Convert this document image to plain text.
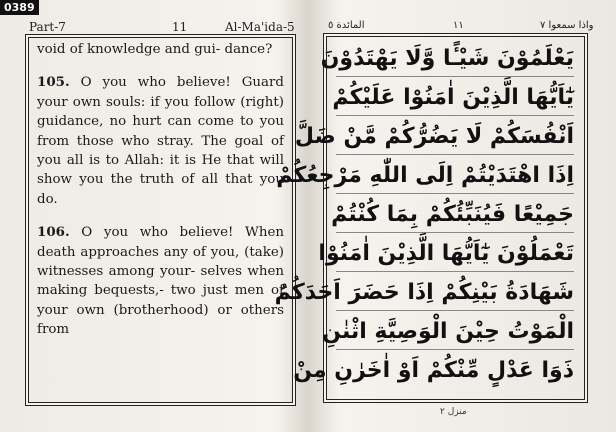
0389
Part-7	11	Al-Ma'ida-5

void of knowledge and gui- dance?

105. O you who believe! Guard your own souls: if you follow (right) guidance, no hurt can come to you from those who stray. The goal of you all is to Allah: it is He that will show you the truth of all that you do.

106. O you who believe! When death approaches any of you, (take) witnesses among your- selves when making bequests,- two just men of your own (brotherhood) or others from

واذا سمعوا ٧
١١
المائدة ٥
يَعْلَمُوْنَ شَيْـًٔا وَّلَا يَهْتَدُوْنَ
يٰٓاَيُّهَا الَّذِيْنَ اٰمَنُوْا عَلَيْكُمْ
اَنْفُسَكُمْ لَا يَضُرُّكُمْ مَّنْ ضَلَّ
اِذَا اهْتَدَيْتُمْ اِلَى اللّٰهِ مَرْجِعُكُمْ
جَمِيْعًا فَيُنَبِّئُكُمْ بِمَا كُنْتُمْ
تَعْمَلُوْنَ يٰٓاَيُّهَا الَّذِيْنَ اٰمَنُوْا
شَهَادَةُ بَيْنِكُمْ اِذَا حَضَرَ اَحَدَكُمُ
الْمَوْتُ حِيْنَ الْوَصِيَّةِ اثْنٰنِ
ذَوَا عَدْلٍ مِّنْكُمْ اَوْ اٰخَرٰنِ مِنْ
منزل ٢
